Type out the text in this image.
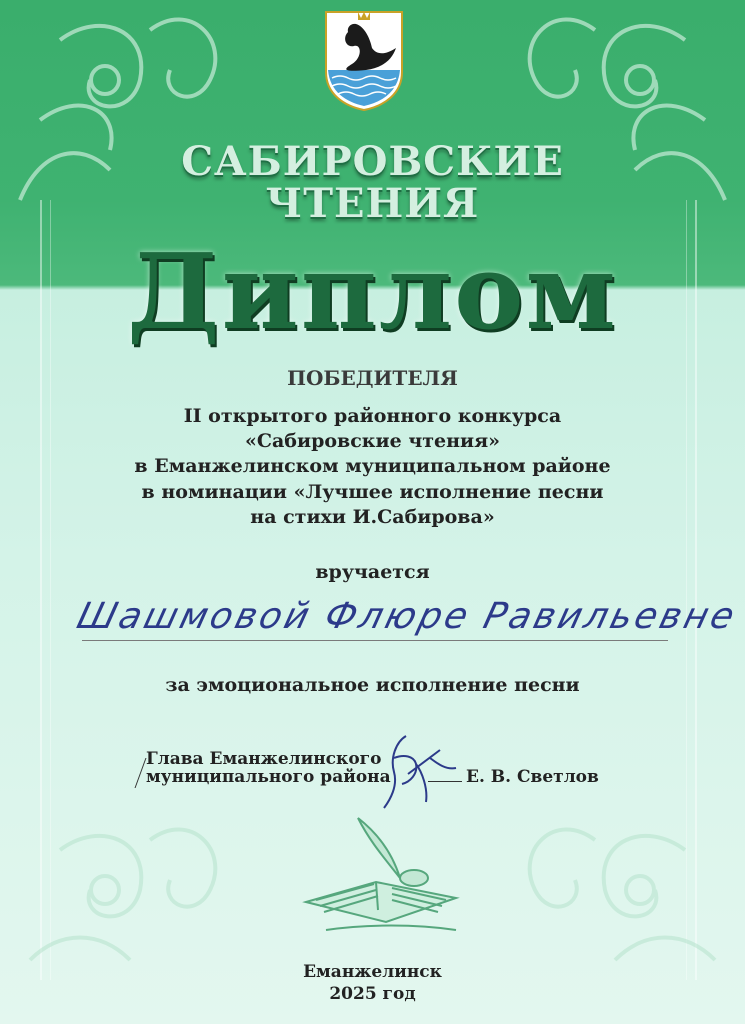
САБИРОВСКИЕ
ЧТЕНИЯ
Диплом
ПОБЕДИТЕЛЯ
II открытого районного конкурса
«Сабировские чтения»
в Еманжелинском муниципальном районе
в номинации «Лучшее исполнение песни
на стихи И.Сабирова»
вручается
Шашмовой Флюре Равильевне
за эмоциональное исполнение песни
Глава Еманжелинского
муниципального района	Е. В. Светлов
Еманжелинск
2025 год
